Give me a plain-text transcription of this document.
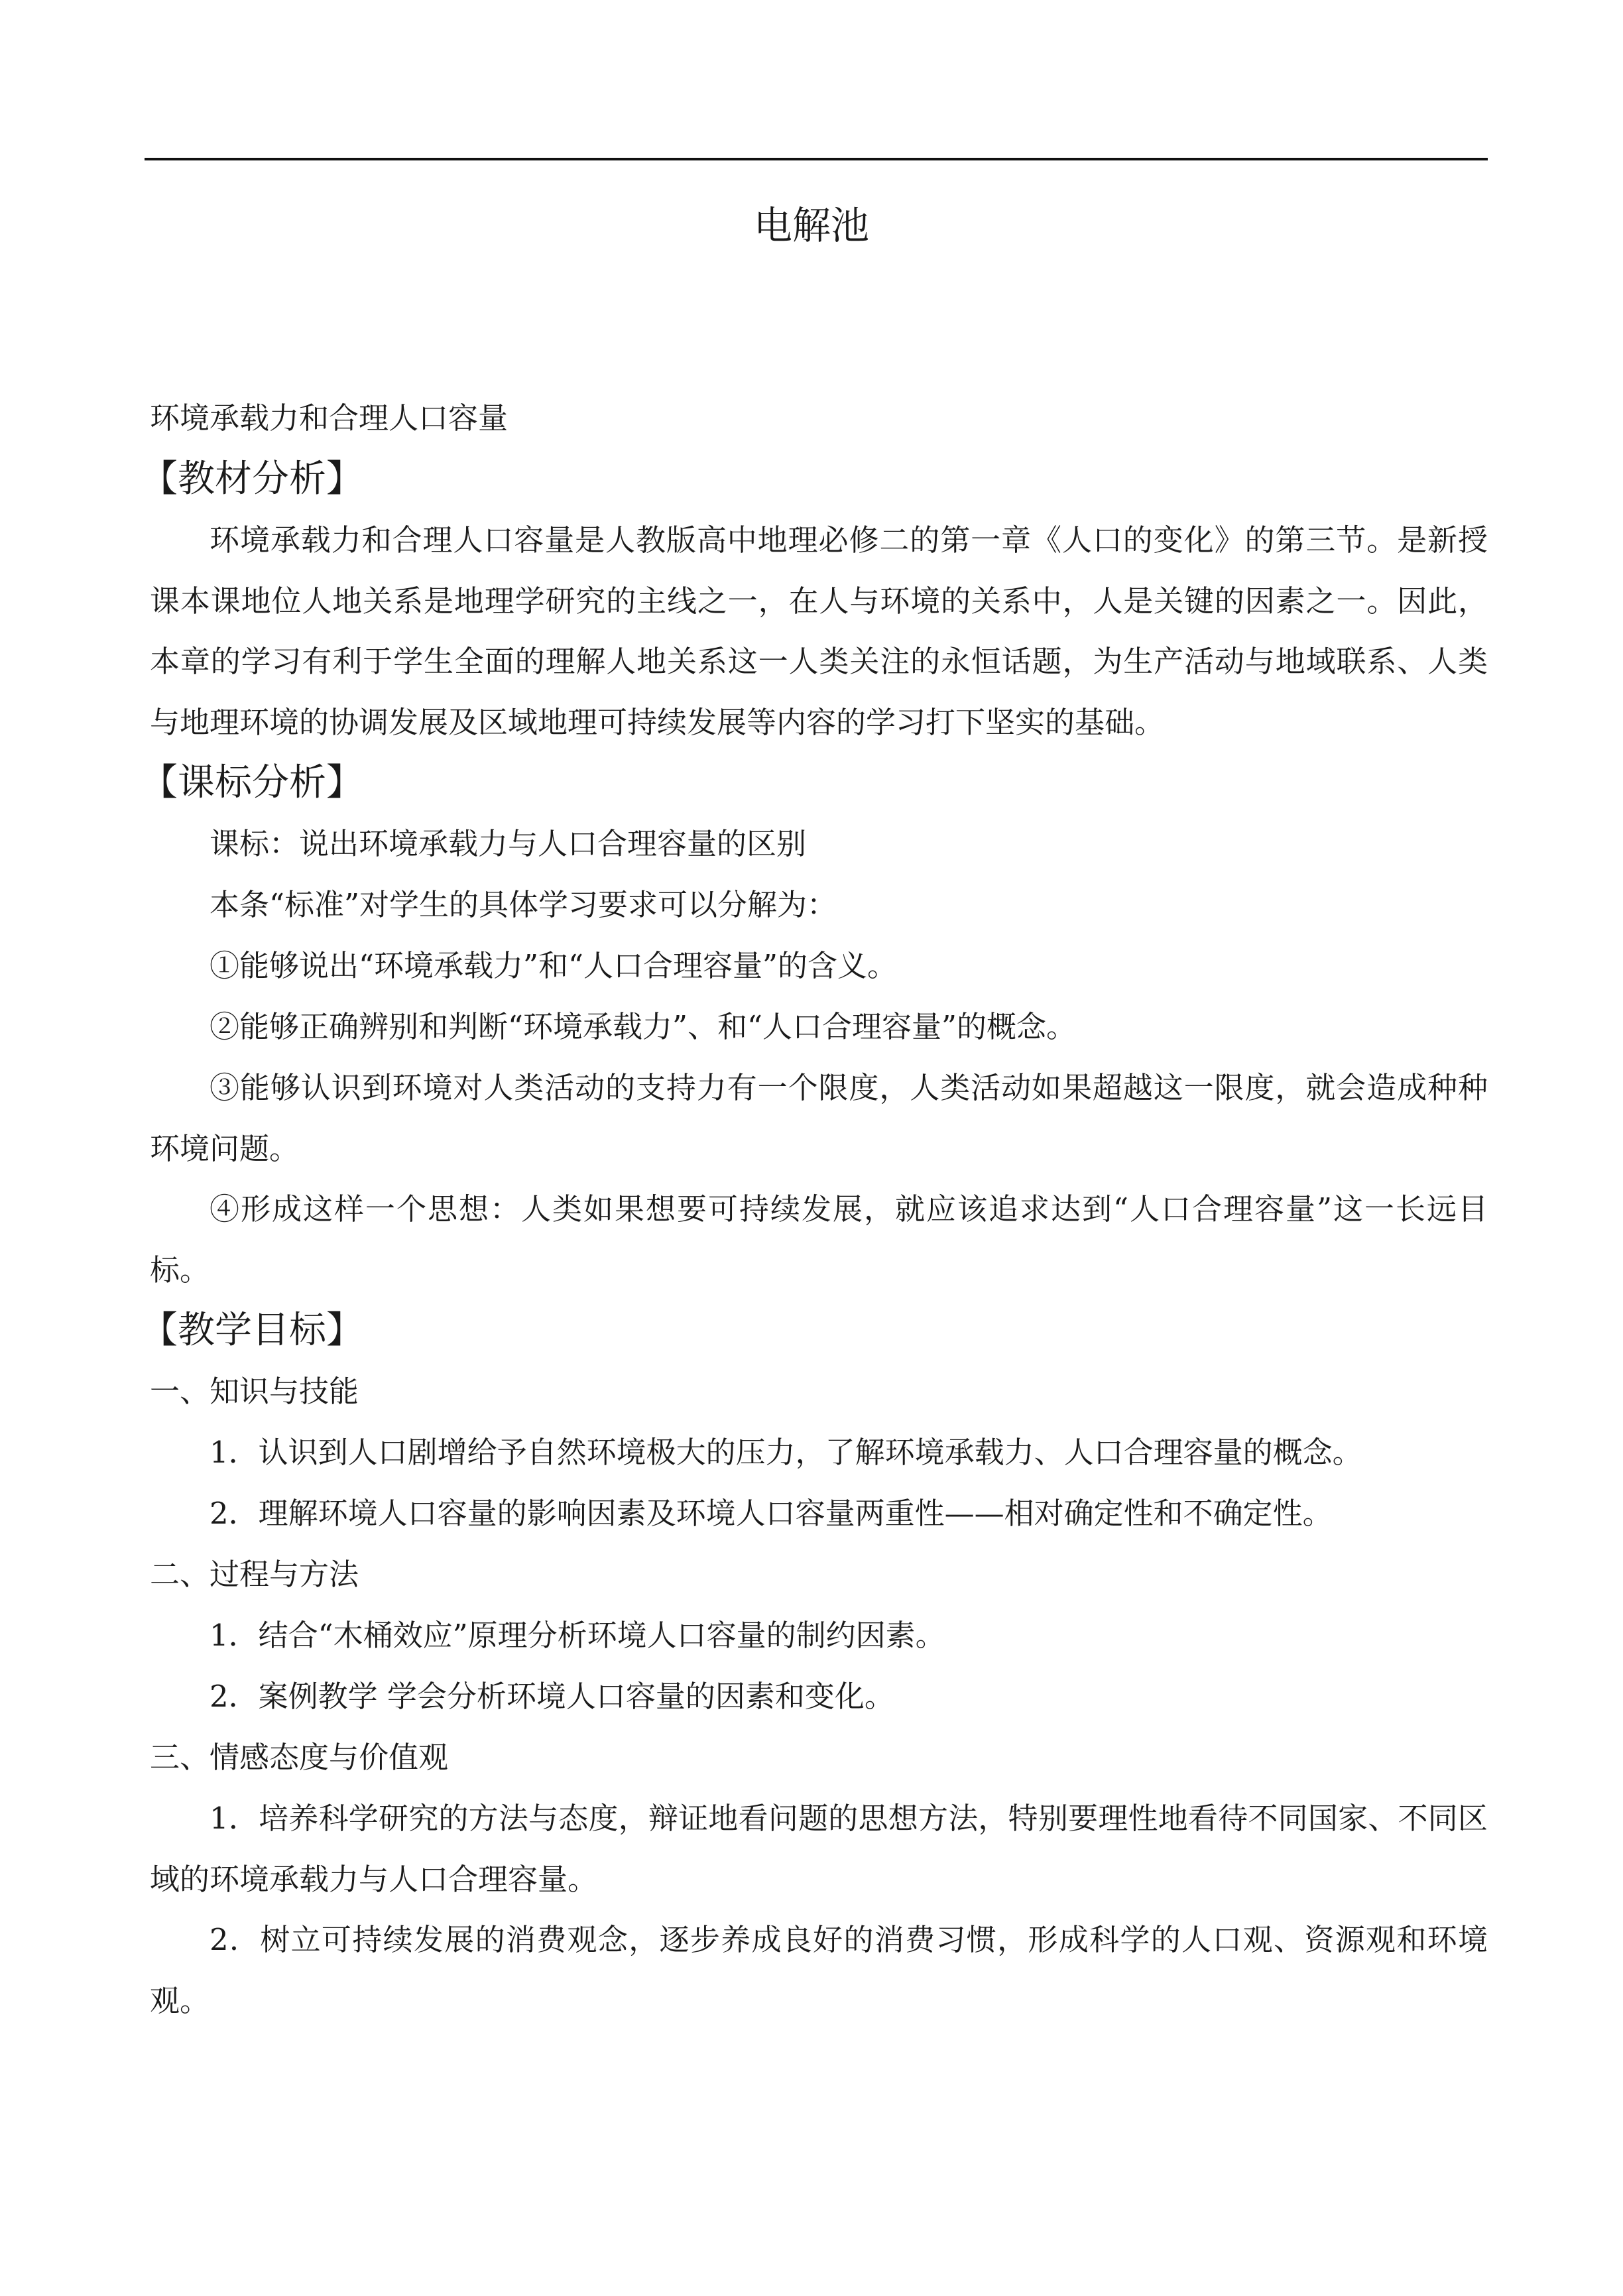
电解池
环境承载力和合理人口容量
【教材分析】

环境承载力和合理人口容量是人教版高中地理必修二的第一章《人口的变化》的第三节。是新授课本课地位人地关系是地理学研究的主线之一，在人与环境的关系中，人是关键的因素之一。因此，本章的学习有利于学生全面的理解人地关系这一人类关注的永恒话题，为生产活动与地域联系、人类与地理环境的协调发展及区域地理可持续发展等内容的学习打下坚实的基础。

【课标分析】
课标：说出环境承载力与人口合理容量的区别
本条“标准”对学生的具体学习要求可以分解为：
①能够说出“环境承载力”和“人口合理容量”的含义。
②能够正确辨别和判断“环境承载力”、和“人口合理容量”的概念。

③能够认识到环境对人类活动的支持力有一个限度，人类活动如果超越这一限度，就会造成种种环境问题。

④形成这样一个思想：人类如果想要可持续发展，就应该追求达到“人口合理容量”这一长远目标。

【教学目标】
一、知识与技能
1．认识到人口剧增给予自然环境极大的压力，了解环境承载力、人口合理容量的概念。
2．理解环境人口容量的影响因素及环境人口容量两重性——相对确定性和不确定性。
二、过程与方法
1．结合“木桶效应”原理分析环境人口容量的制约因素。
2．案例教学 学会分析环境人口容量的因素和变化。
三、情感态度与价值观

1．培养科学研究的方法与态度，辩证地看问题的思想方法，特别要理性地看待不同国家、不同区域的环境承载力与人口合理容量。

2．树立可持续发展的消费观念，逐步养成良好的消费习惯，形成科学的人口观、资源观和环境观。
